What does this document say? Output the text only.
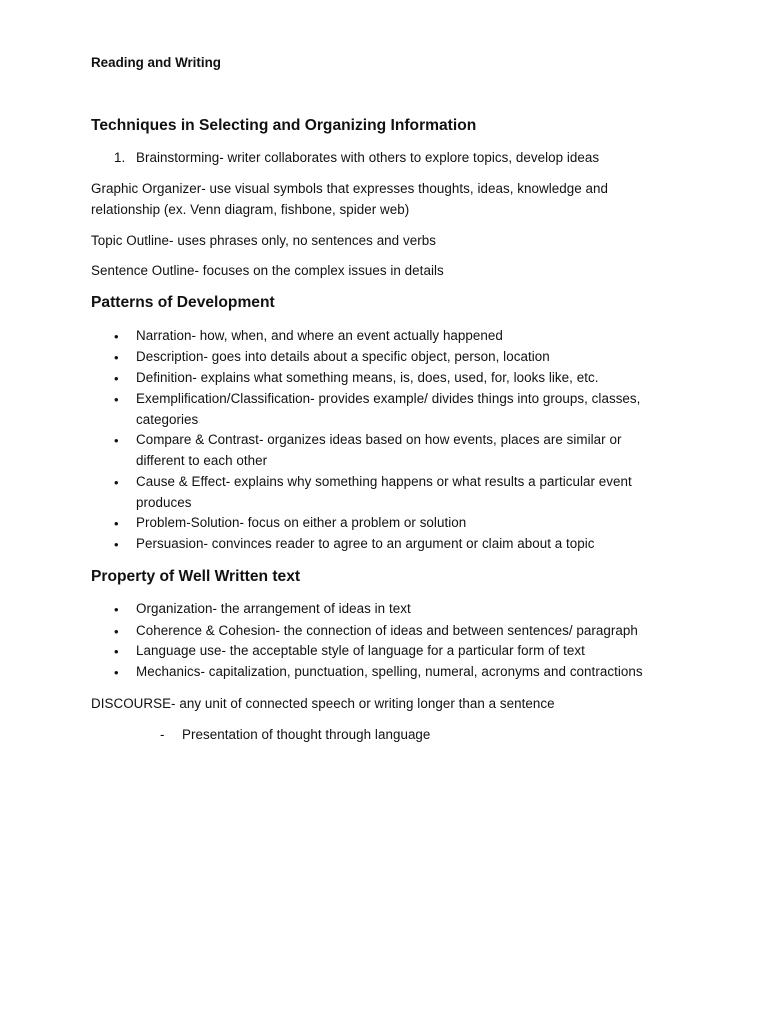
Reading and Writing
Techniques in Selecting and Organizing Information
1. Brainstorming- writer collaborates with others to explore topics, develop ideas
Graphic Organizer- use visual symbols that expresses thoughts, ideas, knowledge and relationship (ex. Venn diagram, fishbone, spider web)
Topic Outline- uses phrases only, no sentences and verbs
Sentence Outline- focuses on the complex issues in details
Patterns of Development
• Narration- how, when, and where an event actually happened
• Description- goes into details about a specific object, person, location
• Definition- explains what something means, is, does, used, for, looks like, etc.
• Exemplification/Classification- provides example/ divides things into groups, classes, categories
• Compare & Contrast- organizes ideas based on how events, places are similar or different to each other
• Cause & Effect- explains why something happens or what results a particular event produces
• Problem-Solution- focus on either a problem or solution
• Persuasion- convinces reader to agree to an argument or claim about a topic
Property of Well Written text
• Organization- the arrangement of ideas in text
• Coherence & Cohesion- the connection of ideas and between sentences/ paragraph
• Language use- the acceptable style of language for a particular form of text
• Mechanics- capitalization, punctuation, spelling, numeral, acronyms and contractions
DISCOURSE- any unit of connected speech or writing longer than a sentence
- Presentation of thought through language
